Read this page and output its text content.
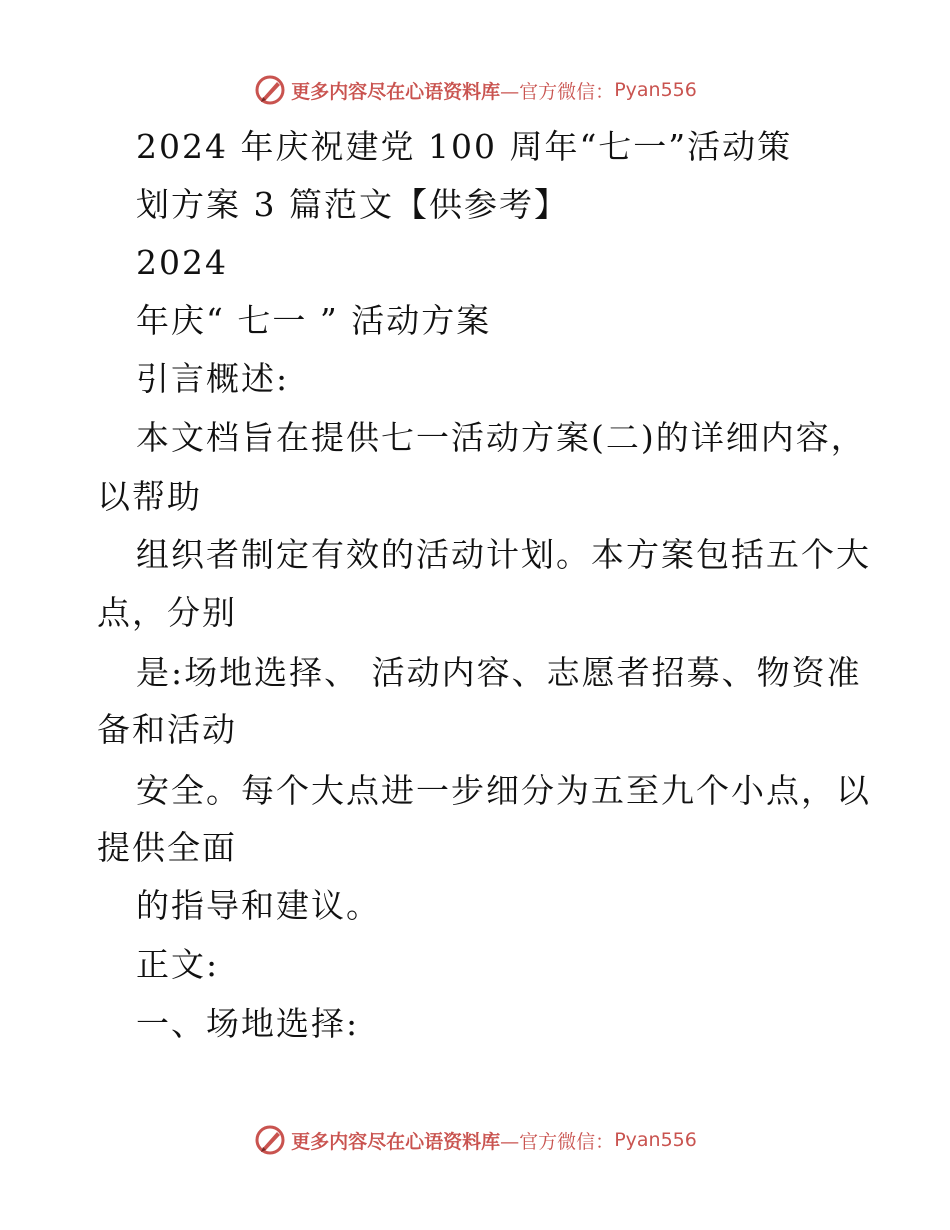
更多内容尽在心语资料库 —官方微信： Pyan556
2024 年庆祝建党 100 周年“七一”活动策
划方案 3 篇范文【供参考】
2024
年庆“ 七一 ” 活动方案
引言概述:
本文档旨在提供七一活动方案(二)的详细内容，
以帮助
组织者制定有效的活动计划。本方案包括五个大
点，分别
是:场地选择、 活动内容、志愿者招募、物资准
备和活动
安全。每个大点进一步细分为五至九个小点，以
提供全面
的指导和建议。
正文:
一、场地选择:
更多内容尽在心语资料库 —官方微信： Pyan556
